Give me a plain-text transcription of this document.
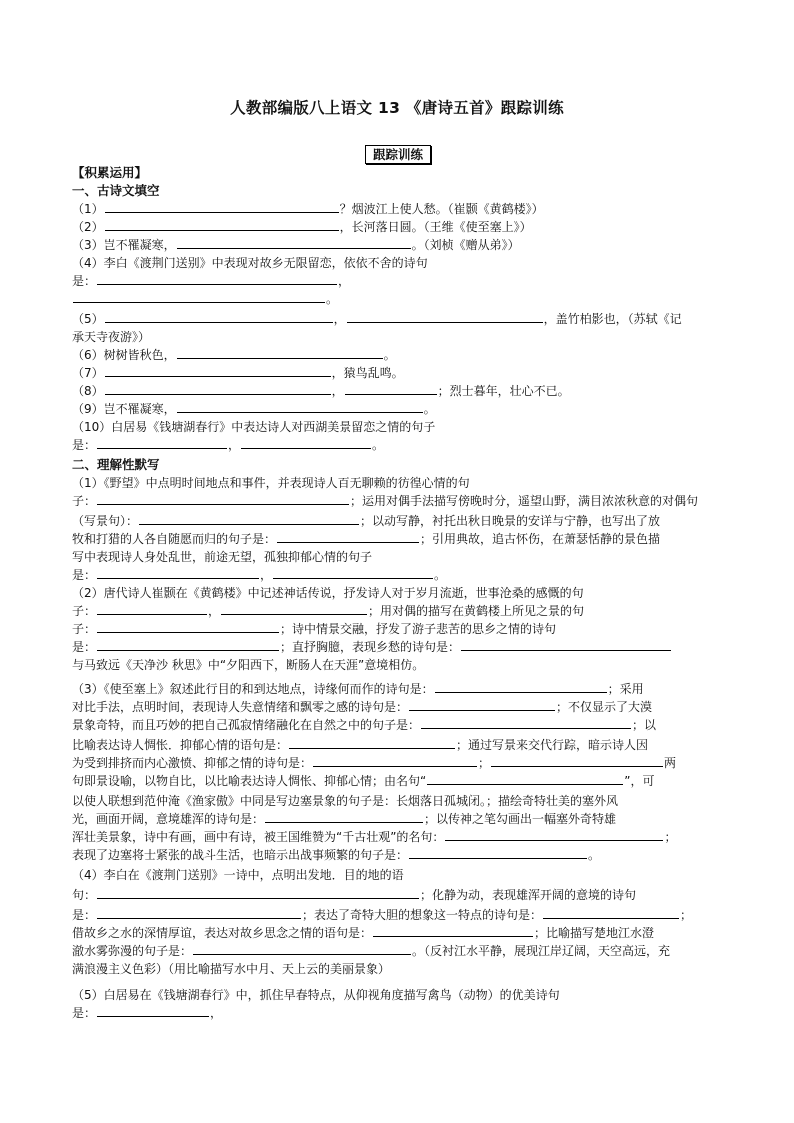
人教部编版八上语文 13 《唐诗五首》跟踪训练
跟踪训练
【积累运用】
一、古诗文填空
（1）	？烟波江上使人愁。（崔颢《黄鹤楼》）
（2）	，长河落日圆。（王维《使至塞上》）
（3）岂不罹凝寒，	。（刘桢《赠从弟》）
（4）李白《渡荆门送别》中表现对故乡无限留恋，依依不舍的诗句
是：	，
。
（5）	，	，盖竹柏影也，（苏轼《记
承天寺夜游》）
（6）树树皆秋色，	。
（7）	，猿鸟乱鸣。
（8）	，	；烈士暮年，壮心不已。
（9）岂不罹凝寒，	。
（10）白居易《钱塘湖春行》中表达诗人对西湖美景留恋之情的句子
是：	，	。
二、理解性默写
（1）《野望》中点明时间地点和事件，并表现诗人百无聊赖的彷徨心情的句
子：	；运用对偶手法描写傍晚时分，遥望山野，满目浓浓秋意的对偶句
（写景句）：	；以动写静，衬托出秋日晚景的安详与宁静，也写出了放
牧和打猎的人各自随愿而归的句子是：	；引用典故，追古怀伤，在萧瑟恬静的景色描
写中表现诗人身处乱世，前途无望，孤独抑郁心情的句子
是：	，	。
（2）唐代诗人崔颢在《黄鹤楼》中记述神话传说，抒发诗人对于岁月流逝，世事沧桑的感慨的句
子：	，	；用对偶的描写在黄鹤楼上所见之景的句
子：	；诗中情景交融，抒发了游子悲苦的思乡之情的诗句
是：	；直抒胸臆，表现乡愁的诗句是：
与马致远《天净沙 秋思》中“夕阳西下，断肠人在天涯”意境相仿。
（3）《使至塞上》叙述此行目的和到达地点，诗缘何而作的诗句是：	；采用
对比手法，点明时间，表现诗人失意情绪和飘零之感的诗句是：	；不仅显示了大漠
景象奇特，而且巧妙的把自己孤寂情绪融化在自然之中的句子是：	；以
比喻表达诗人惆怅．抑郁心情的语句是：	；通过写景来交代行踪，暗示诗人因
为受到排挤而内心激愤、抑郁之情的诗句是：	；	两
句即景设喻，以物自比，以比喻表达诗人惆怅、抑郁心情；由名句“	”，可
以使人联想到范仲淹《渔家傲》中同是写边塞景象的句子是：长烟落日孤城闭。；描绘奇特壮美的塞外风
光，画面开阔，意境雄浑的诗句是：	；以传神之笔勾画出一幅塞外奇特雄
浑壮美景象，诗中有画，画中有诗，被王国维赞为“千古壮观”的名句：	；
表现了边塞将士紧张的战斗生活，也暗示出战事频繁的句子是：	。
（4）李白在《渡荆门送别》一诗中，点明出发地．目的地的语
句：	；化静为动，表现雄浑开阔的意境的诗句
是：	；表达了奇特大胆的想象这一特点的诗句是：	；
借故乡之水的深情厚谊，表达对故乡思念之情的语句是：	；比喻描写楚地江水澄
澈水雾弥漫的句子是：	。（反衬江水平静，展现江岸辽阔，天空高远，充
满浪漫主义色彩）（用比喻描写水中月、天上云的美丽景象）
（5）白居易在《钱塘湖春行》中，抓住早春特点，从仰视角度描写禽鸟（动物）的优美诗句
是：	，
